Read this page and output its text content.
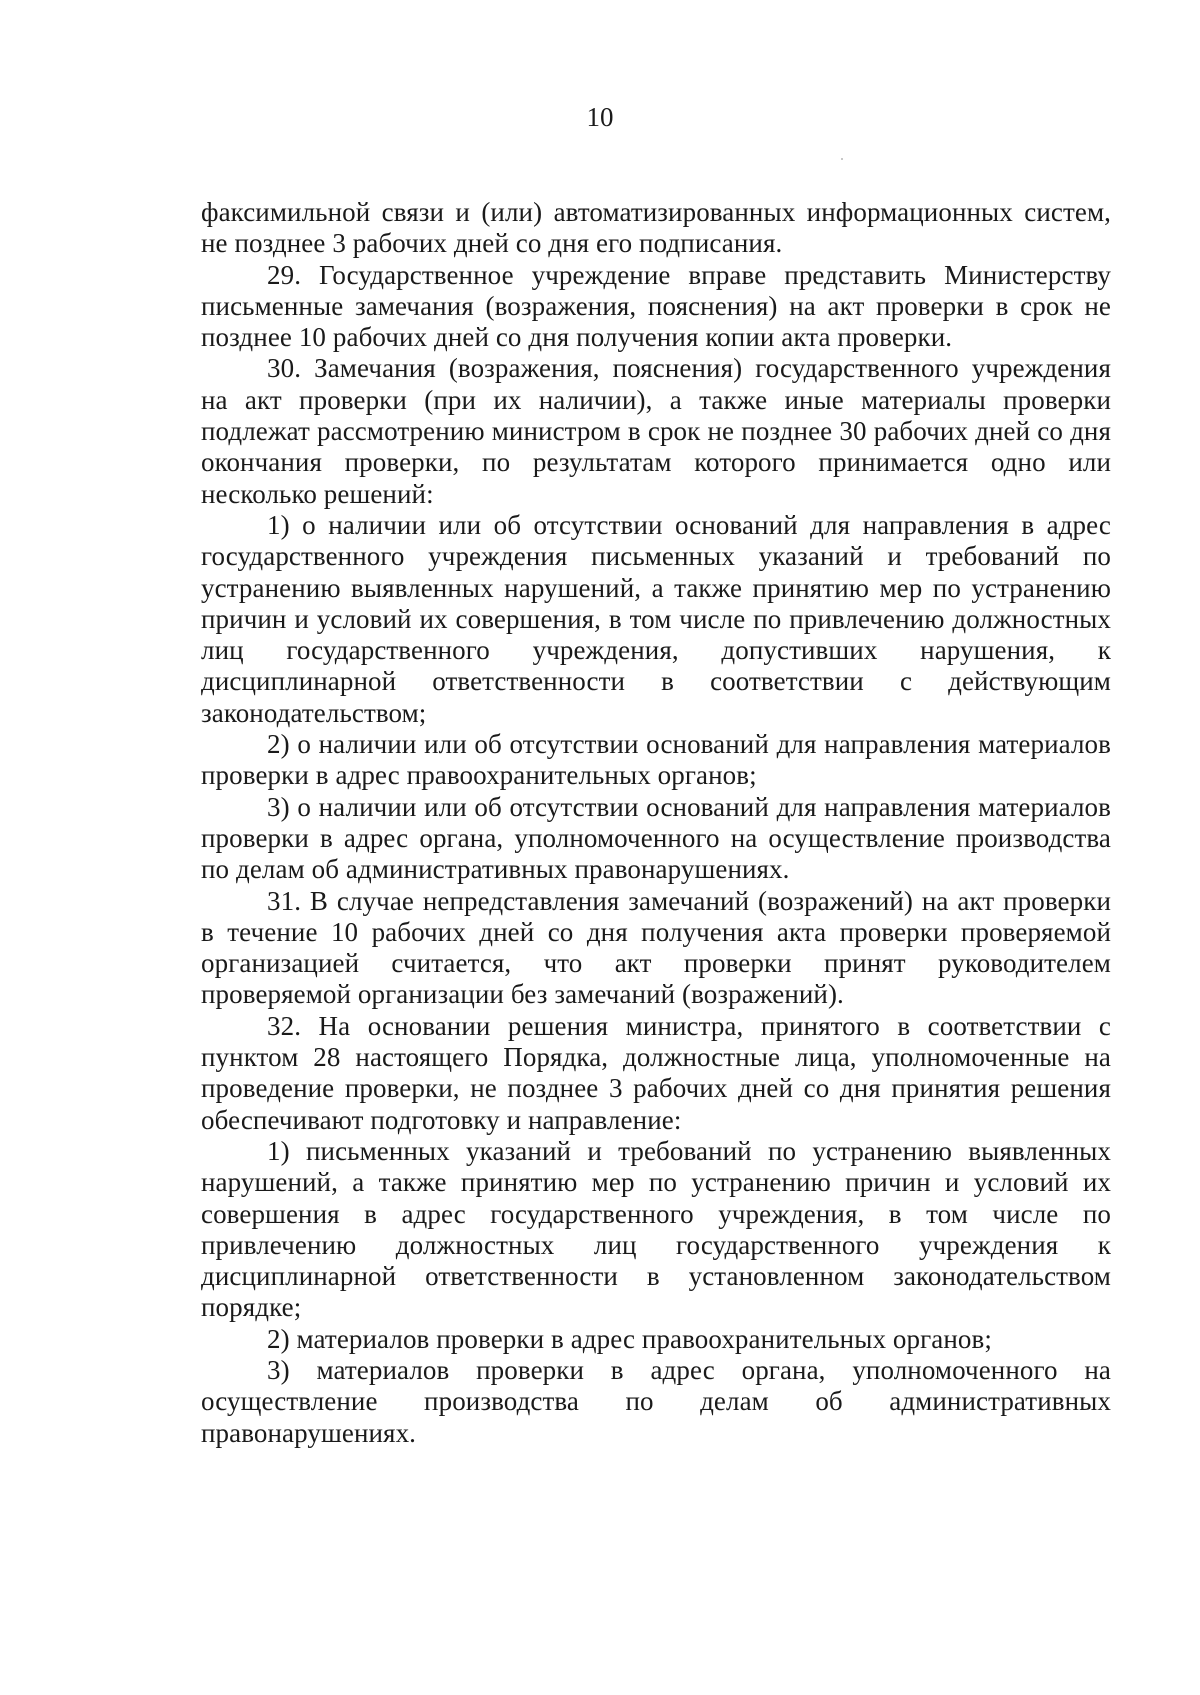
10

факсимильной связи и (или) автоматизированных информационных систем, не позднее 3 рабочих дней со дня его подписания.

29. Государственное учреждение вправе представить Министерству письменные замечания (возражения, пояснения) на акт проверки в срок не позднее 10 рабочих дней со дня получения копии акта проверки.

30. Замечания (возражения, пояснения) государственного учреждения на акт проверки (при их наличии), а также иные материалы проверки подлежат рассмотрению министром в срок не позднее 30 рабочих дней со дня окончания проверки, по результатам которого принимается одно или несколько решений:

1) о наличии или об отсутствии оснований для направления в адрес государственного учреждения письменных указаний и требований по устранению выявленных нарушений, а также принятию мер по устранению причин и условий их совершения, в том числе по привлечению должностных лиц государственного учреждения, допустивших нарушения, к дисциплинарной ответственности в соответствии с действующим законодательством;

2) о наличии или об отсутствии оснований для направления материалов проверки в адрес правоохранительных органов;

3) о наличии или об отсутствии оснований для направления материалов проверки в адрес органа, уполномоченного на осуществление производства по делам об административных правонарушениях.

31. В случае непредставления замечаний (возражений) на акт проверки в течение 10 рабочих дней со дня получения акта проверки проверяемой организацией считается, что акт проверки принят руководителем проверяемой организации без замечаний (возражений).

32. На основании решения министра, принятого в соответствии с пунктом 28 настоящего Порядка, должностные лица, уполномоченные на проведение проверки, не позднее 3 рабочих дней со дня принятия решения обеспечивают подготовку и направление:

1) письменных указаний и требований по устранению выявленных нарушений, а также принятию мер по устранению причин и условий их совершения в адрес государственного учреждения, в том числе по привлечению должностных лиц государственного учреждения к дисциплинарной ответственности в установленном законодательством порядке;

2) материалов проверки в адрес правоохранительных органов;

3) материалов проверки в адрес органа, уполномоченного на осуществление производства по делам об административных правонарушениях.
